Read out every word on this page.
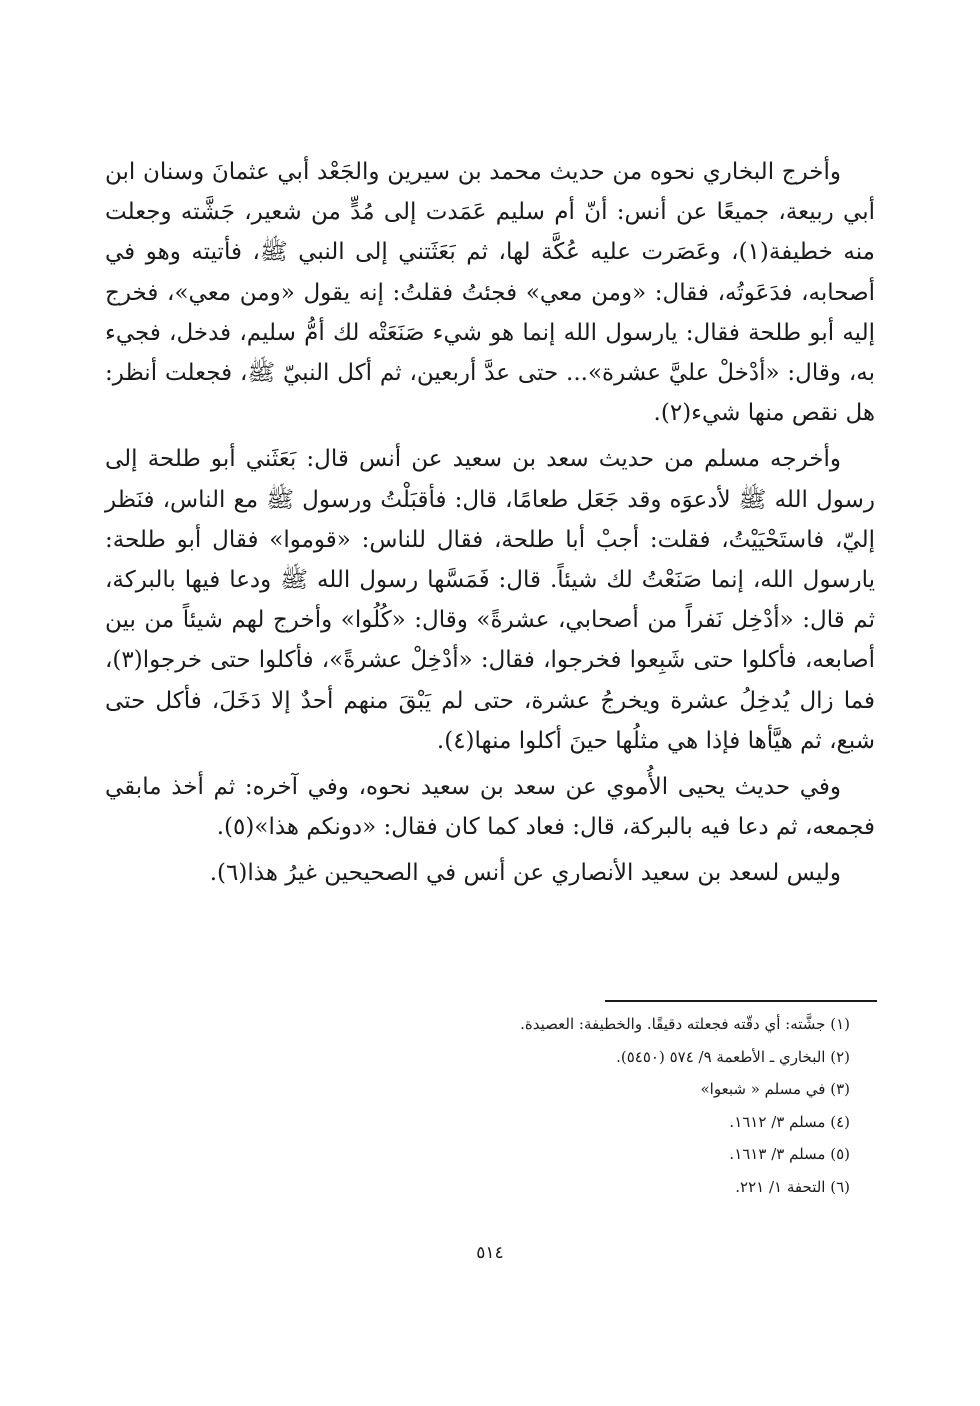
وأخرج البخاري نحوه من حديث محمد بن سيرين والجَعْد أبي عثمانَ وسنان ابن أبي ربيعة، جميعًا عن أنس: أنّ أم سليم عَمَدت إلى مُدٍّ من شعير، جَشَّته وجعلت منه خطيفة(١)، وعَصَرت عليه عُكَّة لها، ثم بَعَثَتني إلى النبي ﷺ، فأتيته وهو في أصحابه، فدَعَوتُه، فقال: «ومن معي» فجئتُ فقلتُ: إنه يقول «ومن معي»، فخرج إليه أبو طلحة فقال: يارسول الله إنما هو شيء صَنَعَتْه لك أمُّ سليم، فدخل، فجيء به، وقال: «أدْخلْ عليَّ عشرة»... حتى عدَّ أربعين، ثم أكل النبيّ ﷺ، فجعلت أنظر: هل نقص منها شيء(٢).

وأخرجه مسلم من حديث سعد بن سعيد عن أنس قال: بَعَثَني أبو طلحة إلى رسول الله ﷺ لأدعوَه وقد جَعَل طعامًا، قال: فأقبَلْتُ ورسول ﷺ مع الناس، فنَظر إليّ، فاستَحْيَيْتُ، فقلت: أجبْ أبا طلحة، فقال للناس: «قوموا» فقال أبو طلحة: يارسول الله، إنما صَنَعْتُ لك شيئاً. قال: فَمَسَّها رسول الله ﷺ ودعا فيها بالبركة، ثم قال: «أدْخِل نَفراً من أصحابي، عشرةً» وقال: «كُلُوا» وأخرج لهم شيئاً من بين أصابعه، فأكلوا حتى شَبِعوا فخرجوا، فقال: «أدْخِلْ عشرةً»، فأكلوا حتى خرجوا(٣)، فما زال يُدخِلُ عشرة ويخرجُ عشرة، حتى لم يَبْقَ منهم أحدٌ إلا دَخَلَ، فأكل حتى شبع، ثم هيَّأها فإذا هي مثلُها حينَ أكلوا منها(٤).

وفي حديث يحيى الأُموي عن سعد بن سعيد نحوه، وفي آخره: ثم أخذ مابقي فجمعه، ثم دعا فيه بالبركة، قال: فعاد كما كان فقال: «دونكم هذا»(٥).

وليس لسعد بن سعيد الأنصاري عن أنس في الصحيحين غيرُ هذا(٦).

(١) جشَّته: أي دقّته فجعلته دقيقًا. والخطيفة: العصيدة.
(٢) البخاري ـ الأطعمة ٩/ ٥٧٤ (٥٤٥٠).
(٣) في مسلم « شبعوا»
(٤) مسلم ٣/ ١٦١٢.
(٥) مسلم ٣/ ١٦١٣.
(٦) التحفة ١/ ٢٢١.
٥١٤
